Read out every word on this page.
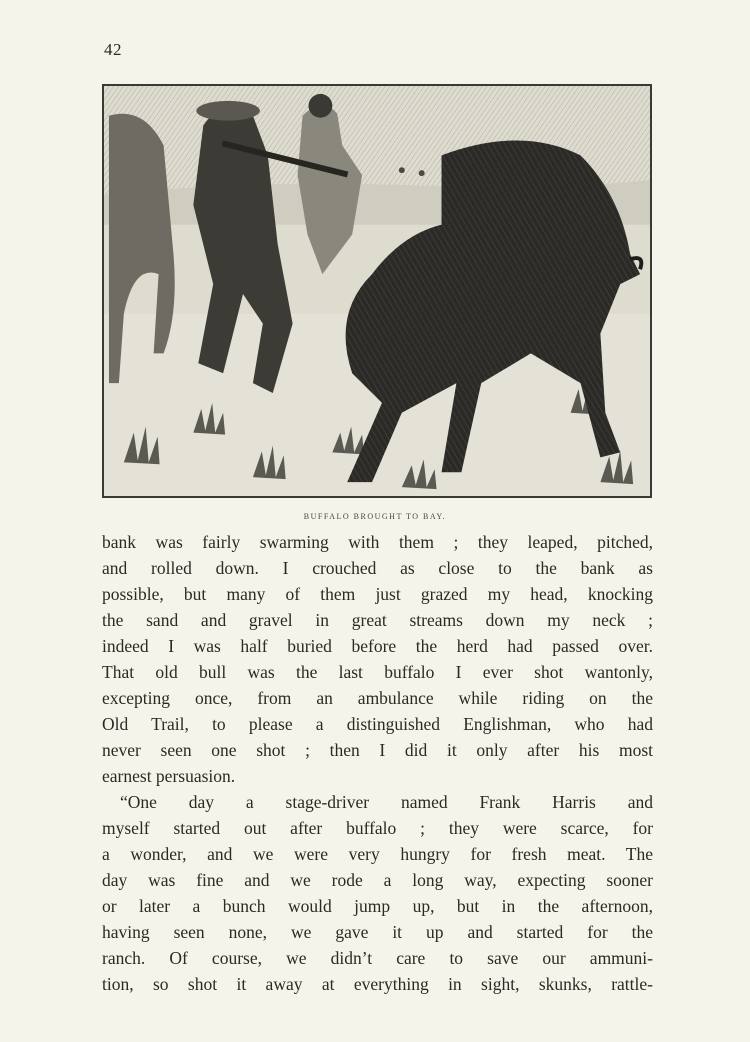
42
BUFFALO BROUGHT TO BAY.
bank was fairly swarming with them ; they leaped, pitched,
and rolled down. I crouched as close to the bank as
possible, but many of them just grazed my head, knocking
the sand and gravel in great streams down my neck ;
indeed I was half buried before the herd had passed over.
That old bull was the last buffalo I ever shot wantonly,
excepting once, from an ambulance while riding on the
Old Trail, to please a distinguished Englishman, who had
never seen one shot ; then I did it only after his most
earnest persuasion.
“One day a stage-driver named Frank Harris and
myself started out after buffalo ; they were scarce, for
a wonder, and we were very hungry for fresh meat. The
day was fine and we rode a long way, expecting sooner
or later a bunch would jump up, but in the afternoon,
having seen none, we gave it up and started for the
ranch. Of course, we didn’t care to save our ammuni-
tion, so shot it away at everything in sight, skunks, rattle-
